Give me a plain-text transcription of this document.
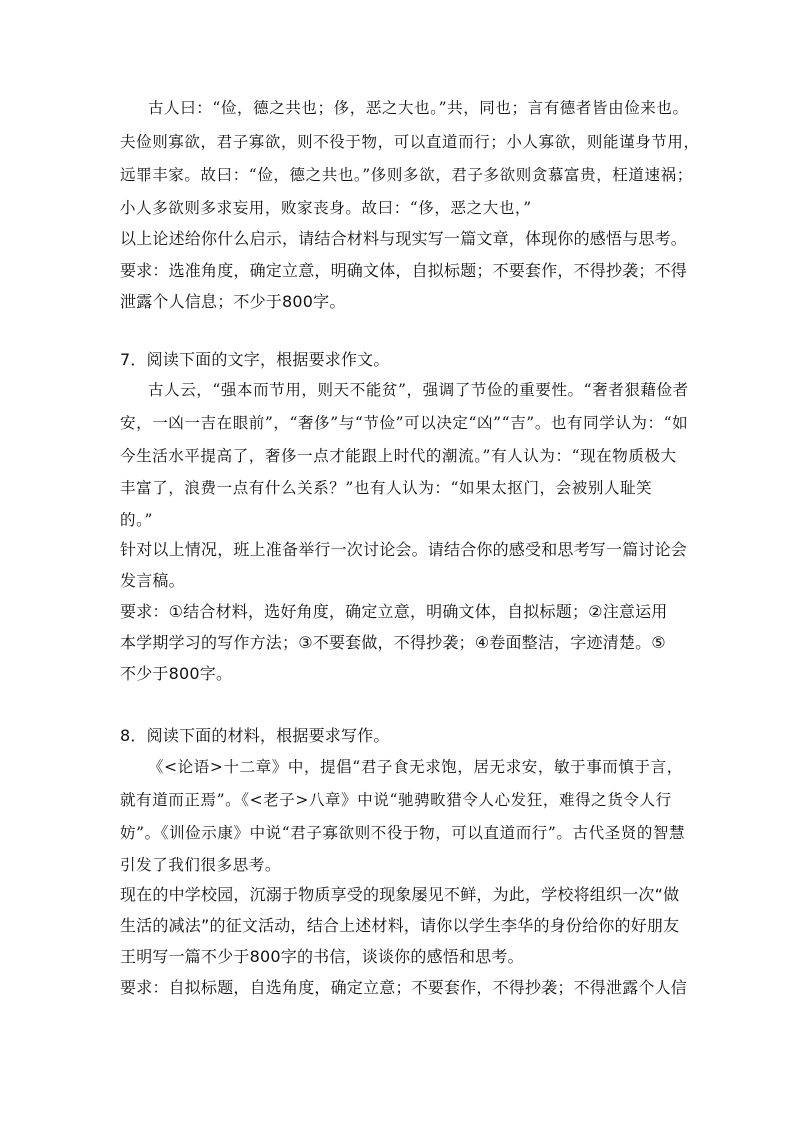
古人曰：“俭，德之共也；侈，恶之大也。”共，同也；言有德者皆由俭来也。
夫俭则寡欲，君子寡欲，则不役于物，可以直道而行；小人寡欲，则能谨身节用，
远罪丰家。故曰：“俭，德之共也。”侈则多欲，君子多欲则贪慕富贵，枉道速祸；
小人多欲则多求妄用，败家丧身。故曰：“侈，恶之大也，”
以上论述给你什么启示，请结合材料与现实写一篇文章，体现你的感悟与思考。
要求：选准角度，确定立意，明确文体，自拟标题；不要套作，不得抄袭；不得
泄露个人信息；不少于800字。
7．阅读下面的文字，根据要求作文。
古人云，“强本而节用，则天不能贫”，强调了节俭的重要性。“奢者狠藉俭者
安，一凶一吉在眼前”，“奢侈”与“节俭”可以决定“凶”“吉”。也有同学认为：“如
今生活水平提高了，奢侈一点才能跟上时代的潮流。”有人认为：“现在物质极大
丰富了，浪费一点有什么关系？”也有人认为：“如果太抠门，会被别人耻笑
的。”
针对以上情况，班上准备举行一次讨论会。请结合你的感受和思考写一篇讨论会
发言稿。
要求：①结合材料，选好角度，确定立意，明确文体，自拟标题；②注意运用
本学期学习的写作方法；③不要套做，不得抄袭；④卷面整洁，字迹清楚。⑤
不少于800字。
8．阅读下面的材料，根据要求写作。
《<论语>十二章》中，提倡“君子食无求饱，居无求安，敏于事而慎于言，
就有道而正焉”。《<老子>八章》中说“驰骋畋猎令人心发狂，难得之货令人行
妨”。《训俭示康》中说“君子寡欲则不役于物，可以直道而行”。古代圣贤的智慧
引发了我们很多思考。
现在的中学校园，沉溺于物质享受的现象屡见不鲜，为此，学校将组织一次“做
生活的减法”的征文活动，结合上述材料，请你以学生李华的身份给你的好朋友
王明写一篇不少于800字的书信，谈谈你的感悟和思考。
要求：自拟标题，自选角度，确定立意；不要套作，不得抄袭；不得泄露个人信
